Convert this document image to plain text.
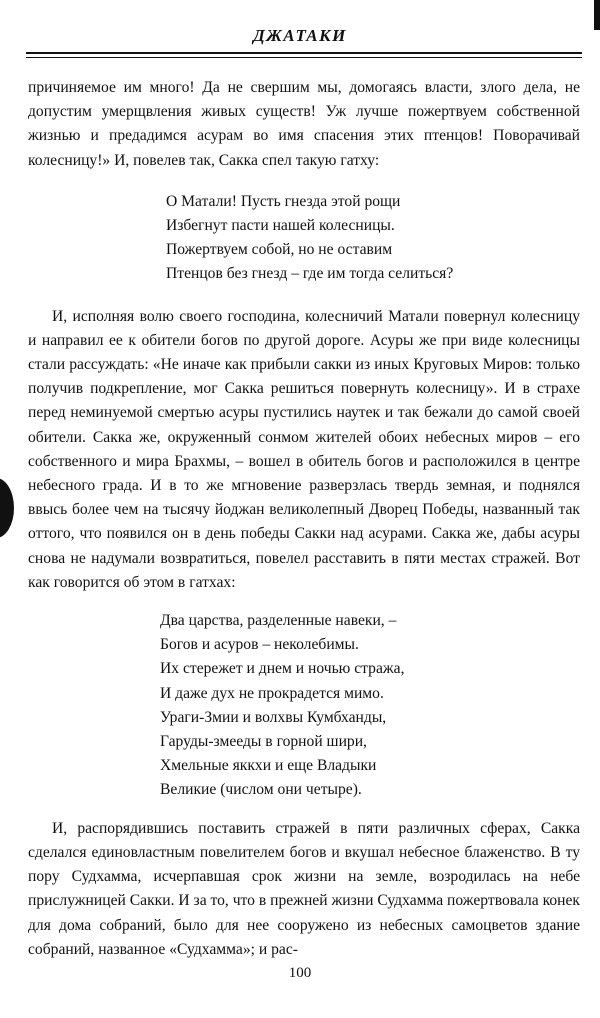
ДЖАТАКИ

причиняемое им много! Да не свершим мы, домогаясь власти, злого дела, не допустим умерщвления живых существ! Уж лучше пожертвуем собственной жизнью и предадимся асурам во имя спасения этих птенцов! Поворачивай колесницу!» И, повелев так, Сакка спел такую гатху:

О Матали! Пусть гнезда этой рощи
Избегнут пасти нашей колесницы.
Пожертвуем собой, но не оставим
Птенцов без гнезд – где им тогда селиться?

И, исполняя волю своего господина, колесничий Матали повернул колесницу и направил ее к обители богов по другой дороге. Асуры же при виде колесницы стали рассуждать: «Не иначе как прибыли сакки из иных Круговых Миров: только получив подкрепление, мог Сакка решиться повернуть колесницу». И в страхе перед неминуемой смертью асуры пустились наутек и так бежали до самой своей обители. Сакка же, окруженный сонмом жителей обоих небесных миров – его собственного и мира Брахмы, – вошел в обитель богов и расположился в центре небесного града. И в то же мгновение разверзлась твердь земная, и поднялся ввысь более чем на тысячу йоджан великолепный Дворец Победы, названный так оттого, что появился он в день победы Сакки над асурами. Сакка же, дабы асуры снова не надумали возвратиться, повелел расставить в пяти местах стражей. Вот как говорится об этом в гатхах:

Два царства, разделенные навеки, –
Богов и асуров – неколебимы.
Их стережет и днем и ночью стража,
И даже дух не прокрадется мимо.
Ураги-Змии и волхвы Кумбханды,
Гаруды-змееды в горной шири,
Хмельные яккхи и еще Владыки
Великие (числом они четыре).

И, распорядившись поставить стражей в пяти различных сферах, Сакка сделался единовластным повелителем богов и вкушал небесное блаженство. В ту пору Судхамма, исчерпавшая срок жизни на земле, возродилась на небе прислужницей Сакки. И за то, что в прежней жизни Судхамма пожертвовала конек для дома собраний, было для нее сооружено из небесных самоцветов здание собраний, названное «Судхамма»; и рас-

100
